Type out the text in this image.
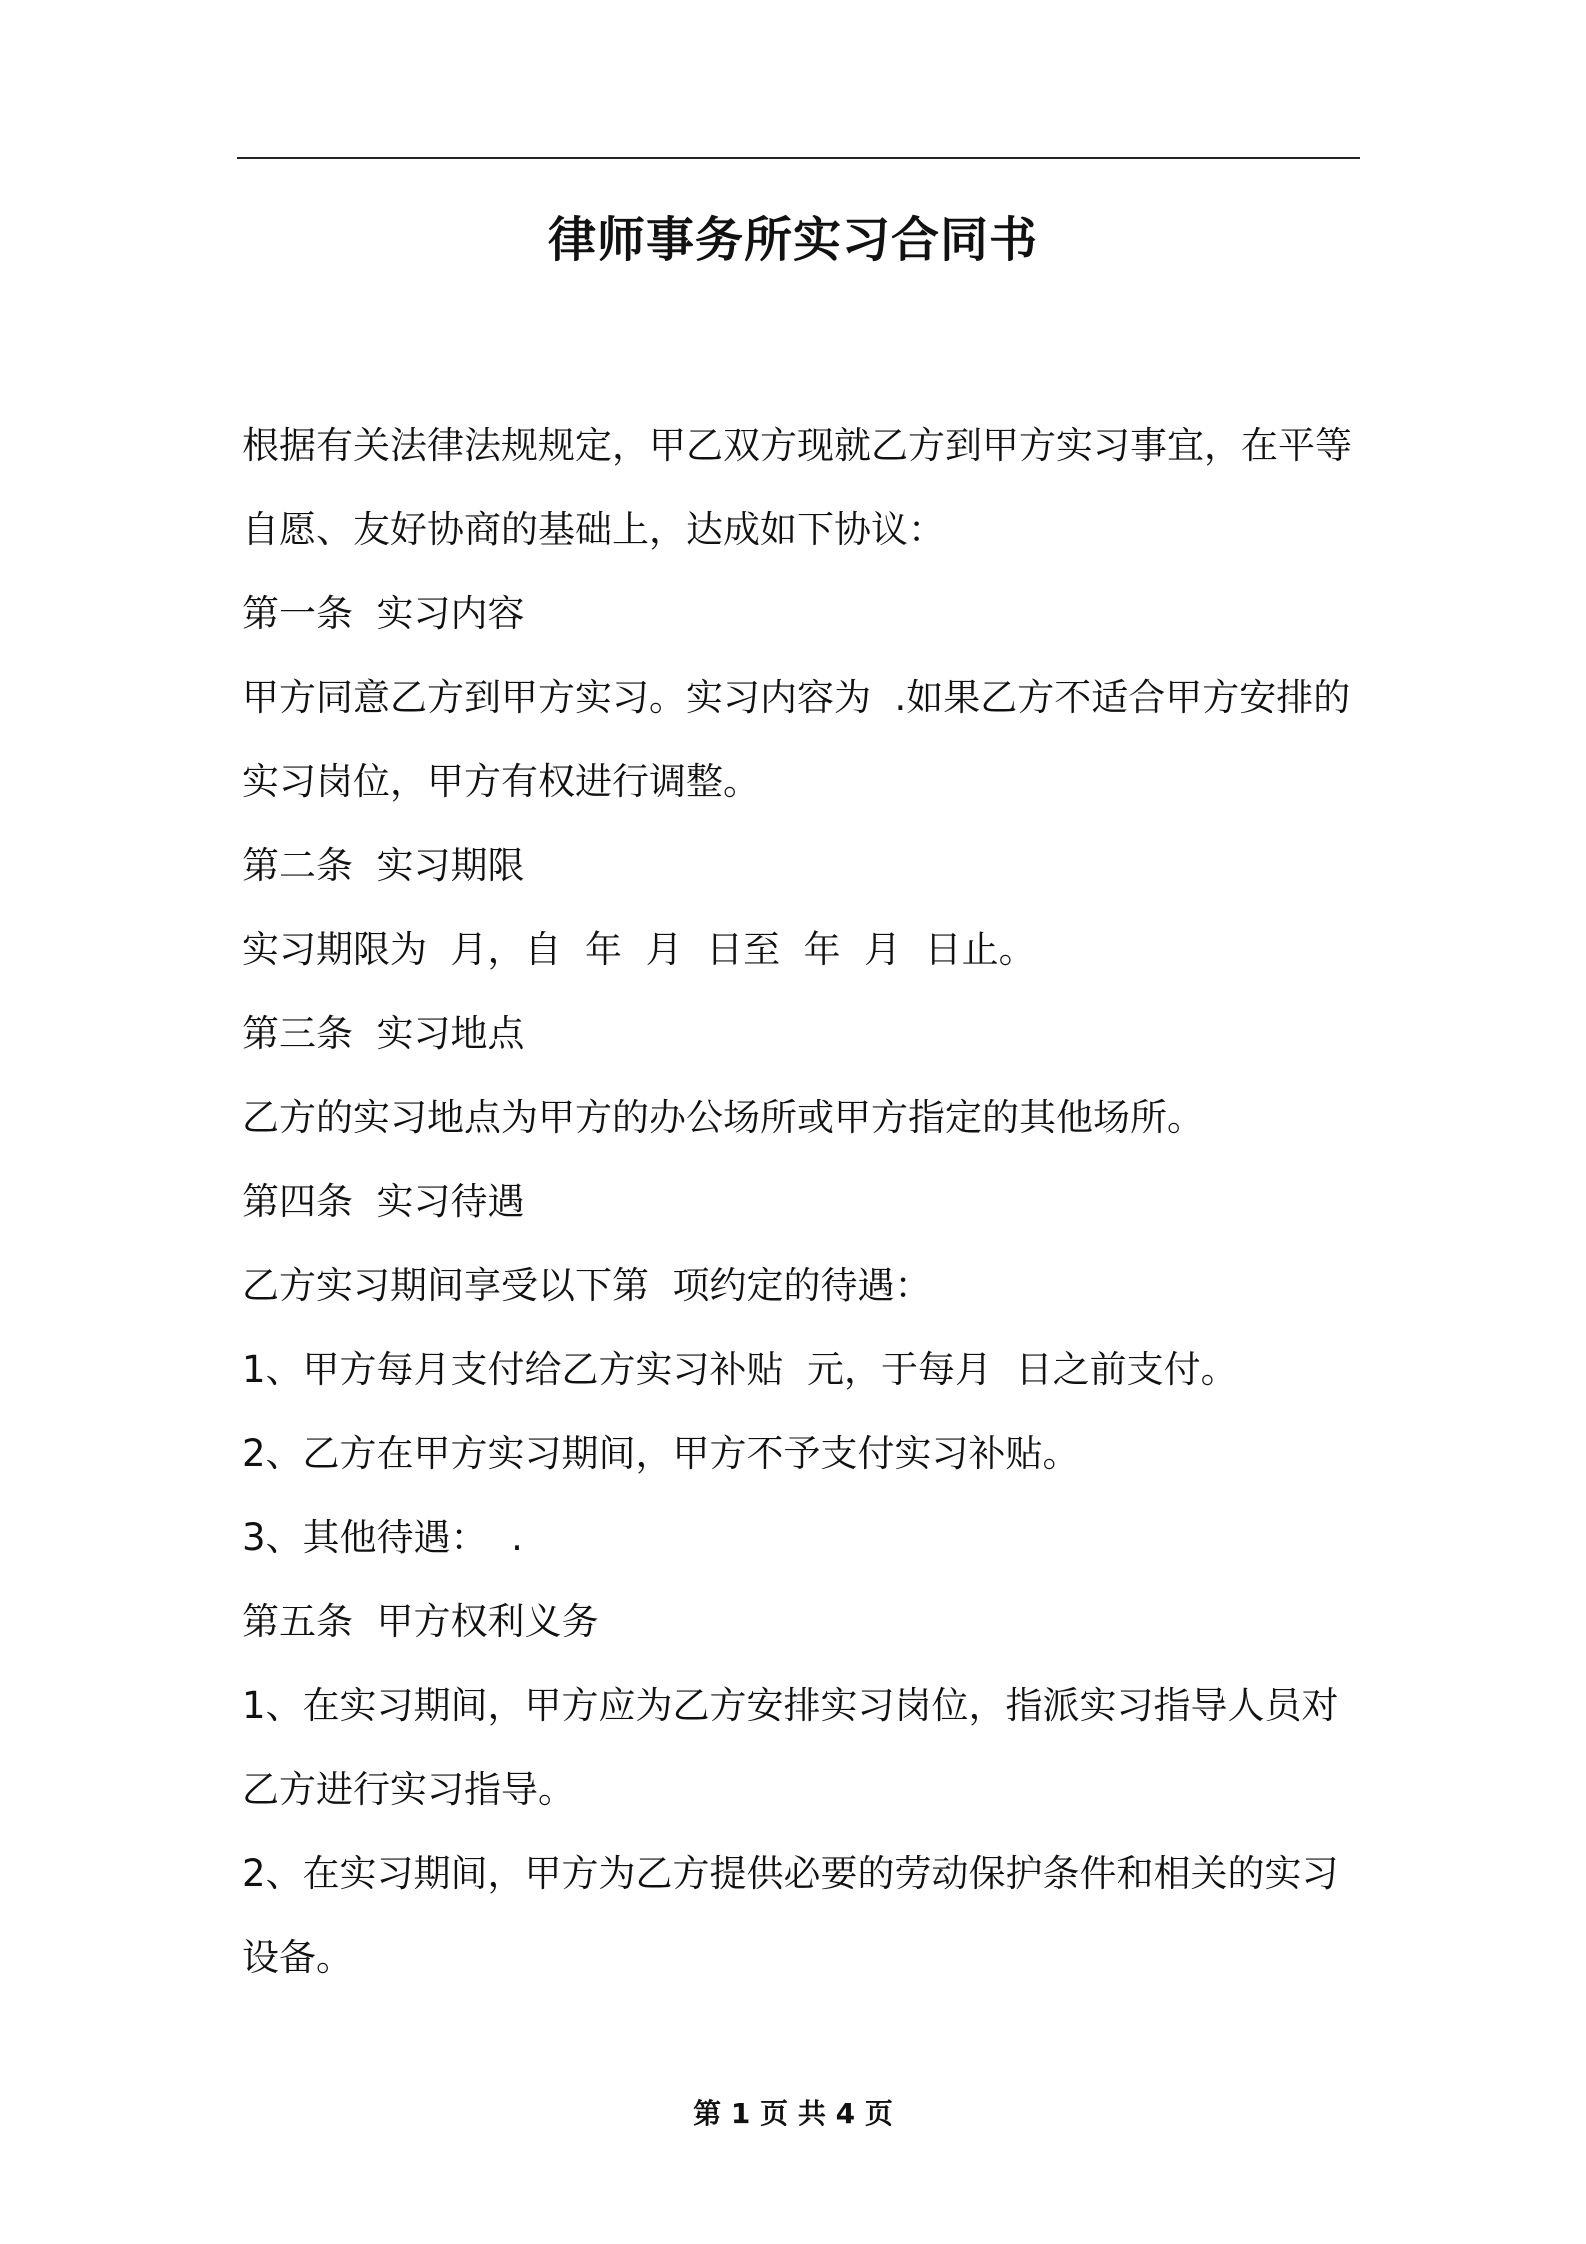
律师事务所实习合同书
根据有关法律法规规定，甲乙双方现就乙方到甲方实习事宜，在平等
自愿、友好协商的基础上，达成如下协议：
第一条  实习内容
甲方同意乙方到甲方实习。实习内容为  .如果乙方不适合甲方安排的
实习岗位，甲方有权进行调整。
第二条  实习期限
实习期限为  月，自  年  月  日至  年  月  日止。
第三条  实习地点
乙方的实习地点为甲方的办公场所或甲方指定的其他场所。
第四条  实习待遇
乙方实习期间享受以下第  项约定的待遇：
1、甲方每月支付给乙方实习补贴  元，于每月  日之前支付。
2、乙方在甲方实习期间，甲方不予支付实习补贴。
3、其他待遇：  .
第五条  甲方权利义务
1、在实习期间，甲方应为乙方安排实习岗位，指派实习指导人员对
乙方进行实习指导。
2、在实习期间，甲方为乙方提供必要的劳动保护条件和相关的实习
设备。
第 1 页 共 4 页
